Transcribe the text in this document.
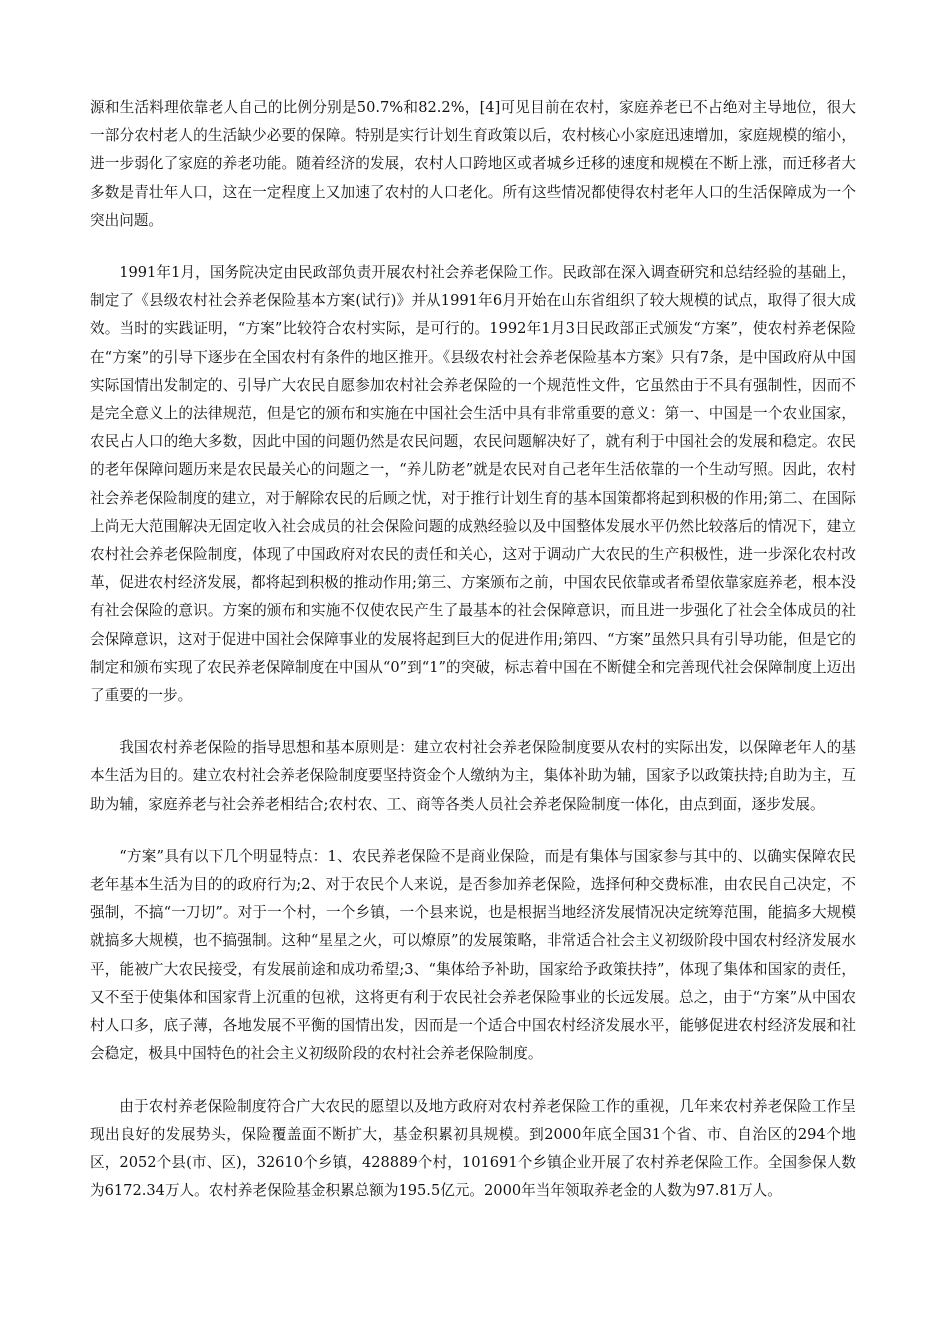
源和生活料理依靠老人自己的比例分别是50.7%和82.2%，[4]可见目前在农村，家庭养老已不占绝对主导地位，很大一部分农村老人的生活缺少必要的保障。特别是实行计划生育政策以后，农村核心小家庭迅速增加，家庭规模的缩小，进一步弱化了家庭的养老功能。随着经济的发展，农村人口跨地区或者城乡迁移的速度和规模在不断上涨，而迁移者大多数是青壮年人口，这在一定程度上又加速了农村的人口老化。所有这些情况都使得农村老年人口的生活保障成为一个突出问题。

1991年1月，国务院决定由民政部负责开展农村社会养老保险工作。民政部在深入调查研究和总结经验的基础上，制定了《县级农村社会养老保险基本方案(试行)》并从1991年6月开始在山东省组织了较大规模的试点，取得了很大成效。当时的实践证明，“方案”比较符合农村实际，是可行的。1992年1月3日民政部正式颁发“方案”，使农村养老保险在“方案”的引导下逐步在全国农村有条件的地区推开。《县级农村社会养老保险基本方案》只有7条，是中国政府从中国实际国情出发制定的、引导广大农民自愿参加农村社会养老保险的一个规范性文件，它虽然由于不具有强制性，因而不是完全意义上的法律规范，但是它的颁布和实施在中国社会生活中具有非常重要的意义：第一、中国是一个农业国家，农民占人口的绝大多数，因此中国的问题仍然是农民问题，农民问题解决好了，就有利于中国社会的发展和稳定。农民的老年保障问题历来是农民最关心的问题之一，“养儿防老”就是农民对自己老年生活依靠的一个生动写照。因此，农村社会养老保险制度的建立，对于解除农民的后顾之忧，对于推行计划生育的基本国策都将起到积极的作用;第二、在国际上尚无大范围解决无固定收入社会成员的社会保险问题的成熟经验以及中国整体发展水平仍然比较落后的情况下，建立农村社会养老保险制度，体现了中国政府对农民的责任和关心，这对于调动广大农民的生产积极性，进一步深化农村改革，促进农村经济发展，都将起到积极的推动作用;第三、方案颁布之前，中国农民依靠或者希望依靠家庭养老，根本没有社会保险的意识。方案的颁布和实施不仅使农民产生了最基本的社会保障意识，而且进一步强化了社会全体成员的社会保障意识，这对于促进中国社会保障事业的发展将起到巨大的促进作用;第四、“方案”虽然只具有引导功能，但是它的制定和颁布实现了农民养老保障制度在中国从“0”到“1”的突破，标志着中国在不断健全和完善现代社会保障制度上迈出了重要的一步。

我国农村养老保险的指导思想和基本原则是：建立农村社会养老保险制度要从农村的实际出发，以保障老年人的基本生活为目的。建立农村社会养老保险制度要坚持资金个人缴纳为主，集体补助为辅，国家予以政策扶持;自助为主，互助为辅，家庭养老与社会养老相结合;农村农、工、商等各类人员社会养老保险制度一体化，由点到面，逐步发展。

“方案”具有以下几个明显特点：1、农民养老保险不是商业保险，而是有集体与国家参与其中的、以确实保障农民老年基本生活为目的的政府行为;2、对于农民个人来说，是否参加养老保险，选择何种交费标准，由农民自己决定，不强制，不搞“一刀切”。对于一个村，一个乡镇，一个县来说，也是根据当地经济发展情况决定统筹范围，能搞多大规模就搞多大规模，也不搞强制。这种“星星之火，可以燎原”的发展策略，非常适合社会主义初级阶段中国农村经济发展水平，能被广大农民接受，有发展前途和成功希望;3、“集体给予补助，国家给予政策扶持”，体现了集体和国家的责任，又不至于使集体和国家背上沉重的包袱，这将更有利于农民社会养老保险事业的长远发展。总之，由于“方案”从中国农村人口多，底子薄，各地发展不平衡的国情出发，因而是一个适合中国农村经济发展水平，能够促进农村经济发展和社会稳定，极具中国特色的社会主义初级阶段的农村社会养老保险制度。

由于农村养老保险制度符合广大农民的愿望以及地方政府对农村养老保险工作的重视，几年来农村养老保险工作呈现出良好的发展势头，保险覆盖面不断扩大，基金积累初具规模。到2000年底全国31个省、市、自治区的294个地区，2052个县(市、区)，32610个乡镇，428889个村，101691个乡镇企业开展了农村养老保险工作。全国参保人数为6172.34万人。农村养老保险基金积累总额为195.5亿元。2000年当年领取养老金的人数为97.81万人。
